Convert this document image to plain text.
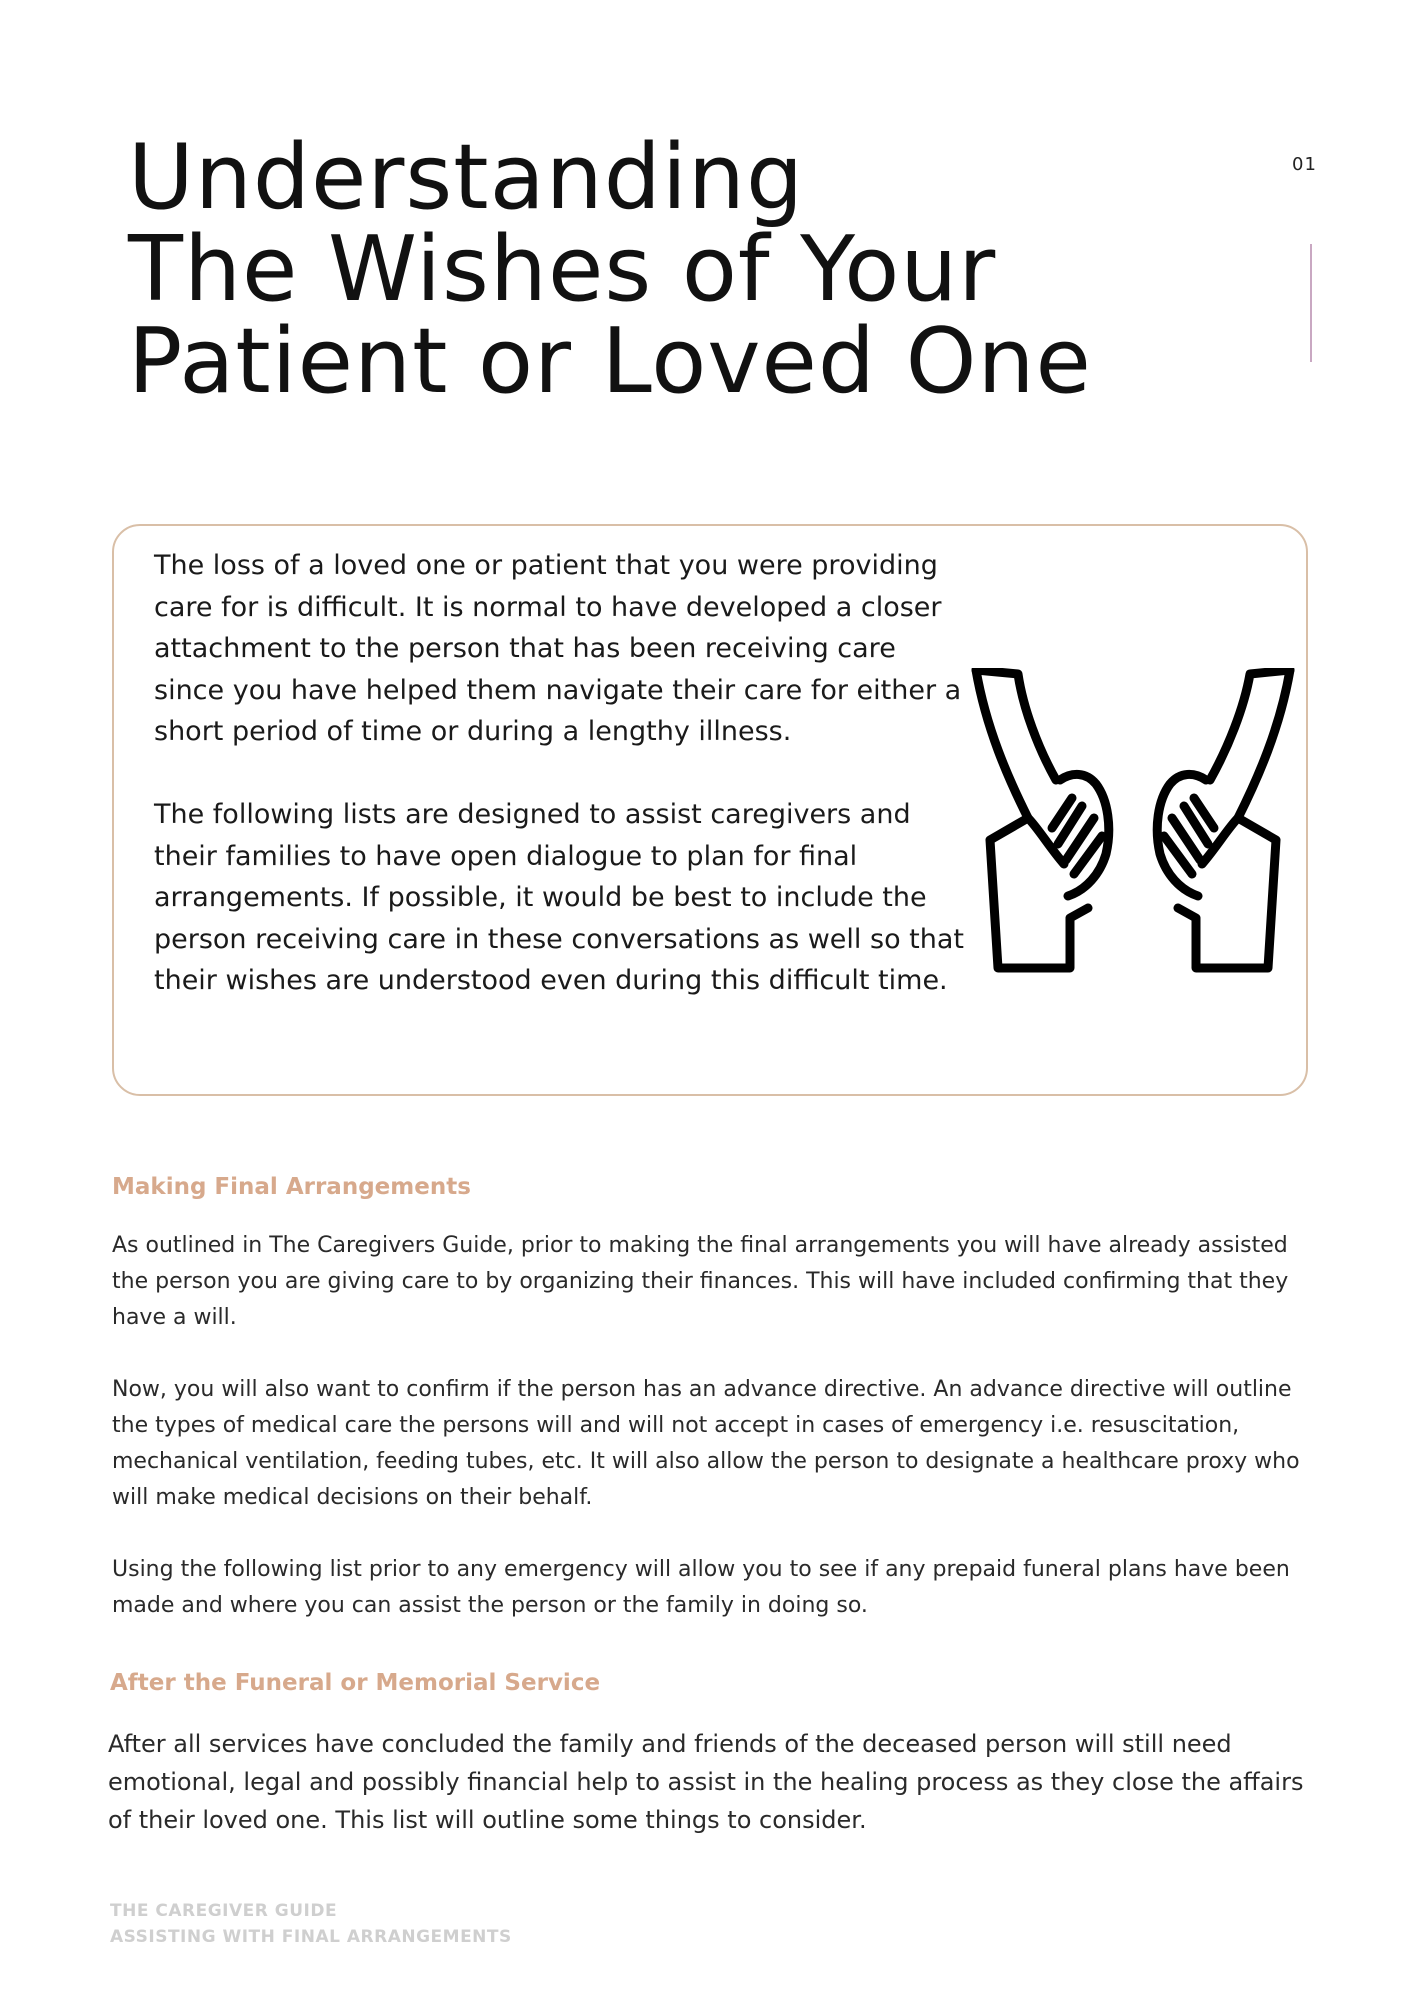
01
Understanding
The Wishes of Your
Patient or Loved One

The loss of a loved one or patient that you were providing care for is difficult. It is normal to have developed a closer attachment to the person that has been receiving care since you have helped them navigate their care for either a short period of time or during a lengthy illness.

The following lists are designed to assist caregivers and their families to have open dialogue to plan for final arrangements. If possible, it would be best to include the person receiving care in these conversations as well so that their wishes are understood even during this difficult time.

Making Final Arrangements

As outlined in The Caregivers Guide, prior to making the final arrangements you will have already assisted the person you are giving care to by organizing their finances. This will have included confirming that they have a will.

Now, you will also want to confirm if the person has an advance directive. An advance directive will outline the types of medical care the persons will and will not accept in cases of emergency i.e. resuscitation, mechanical ventilation, feeding tubes, etc. It will also allow the person to designate a healthcare proxy who will make medical decisions on their behalf.

Using the following list prior to any emergency will allow you to see if any prepaid funeral plans have been made and where you can assist the person or the family in doing so.

After the Funeral or Memorial Service

After all services have concluded the family and friends of the deceased person will still need emotional, legal and possibly financial help to assist in the healing process as they close the affairs of their loved one. This list will outline some things to consider.

THE CAREGIVER GUIDE
ASSISTING WITH FINAL ARRANGEMENTS
